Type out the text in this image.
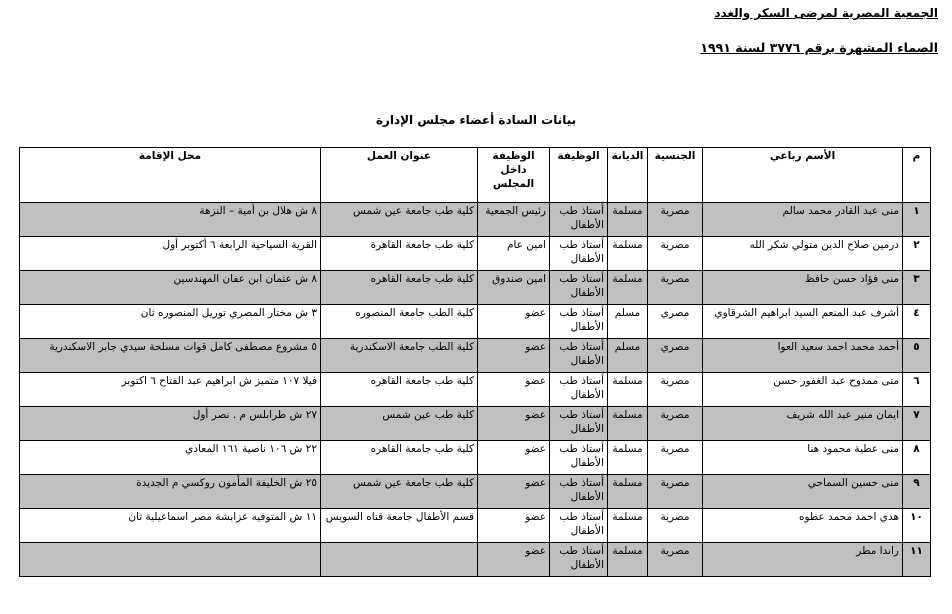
الجمعية المصرية لمرضى السكر والغدد
الصماء المشهرة برقم ٣٧٧٦ لسنة ١٩٩١
بيانات السادة أعضاء مجلس الإدارة
م	الأسم رباعي	الجنسية	الديانة	الوظيفة	الوظيفة داخل المجلس	عنوان العمل	محل الإقامة
١	منى عبد القادر محمد سالم	مصرية	مسلمة	أستاذ طب الأطفال	رئيس الجمعية	كلية طب جامعة عين شمس	٨ ش هلال بن أمية – النزهة
٢	درمين صلاح الدين متولي شكر الله	مصرية	مسلمة	أستاذ طب الأطفال	امين عام	كلية طب جامعة القاهرة	القرية السياحية الرابعة ٦ أكتوبر أول
٣	منى فؤاد حسن حافظ	مصرية	مسلمة	أستاذ طب الأطفال	امين صندوق	كلية طب جامعة القاهره	٨ ش عثمان ابن عفان المهندسين
٤	أشرف عبد المنعم السيد ابراهيم الشرقاوي	مصري	مسلم	أستاذ طب الأطفال	عضو	كلية الطب جامعة المنصوره	٣ ش مختار المصري توريل المنصوره ثان
٥	أحمد محمد احمد سعيد العوا	مصري	مسلم	أستاذ طب الأطفال	عضو	كلية الطب جامعة الاسكندرية	٥ مشروع مصطفى كامل قوات مسلحة سيدي جابر الاسكندرية
٦	منى ممدوح عبد الغفور حسن	مصرية	مسلمة	أستاذ طب الأطفال	عضو	كلية طب جامعة القاهره	فيلا ١٠٧ متميز ش ابراهيم عبد الفتاح ٦ اكتوبر
٧	ايمان منير عبد الله شريف	مصرية	مسلمة	أستاذ طب الأطفال	عضو	كلية طب عين شمس	٢٧ ش طرابلس م . نصر أول
٨	منى عطية محمود هنا	مصرية	مسلمة	أستاذ طب الأطفال	عضو	كلية طب جامعة القاهره	٢٢ ش ١٠٦ ناصية ١٦١ المعادي
٩	منى حسين السماحي	مصرية	مسلمة	أستاذ طب الأطفال	عضو	كلية طب جامعة عين شمس	٢٥ ش الخليفة المأمون روكسي م الجديدة
١٠	هدي احمد محمد عطوه	مصرية	مسلمة	أستاذ طب الأطفال	عضو	قسم الأطفال جامعة قناه السويس	١١ ش المتوفيه عزابشة مصر اسماعيلية ثان
١١	راندا مطر	مصرية	مسلمة	أستاذ طب الأطفال	عضو		
